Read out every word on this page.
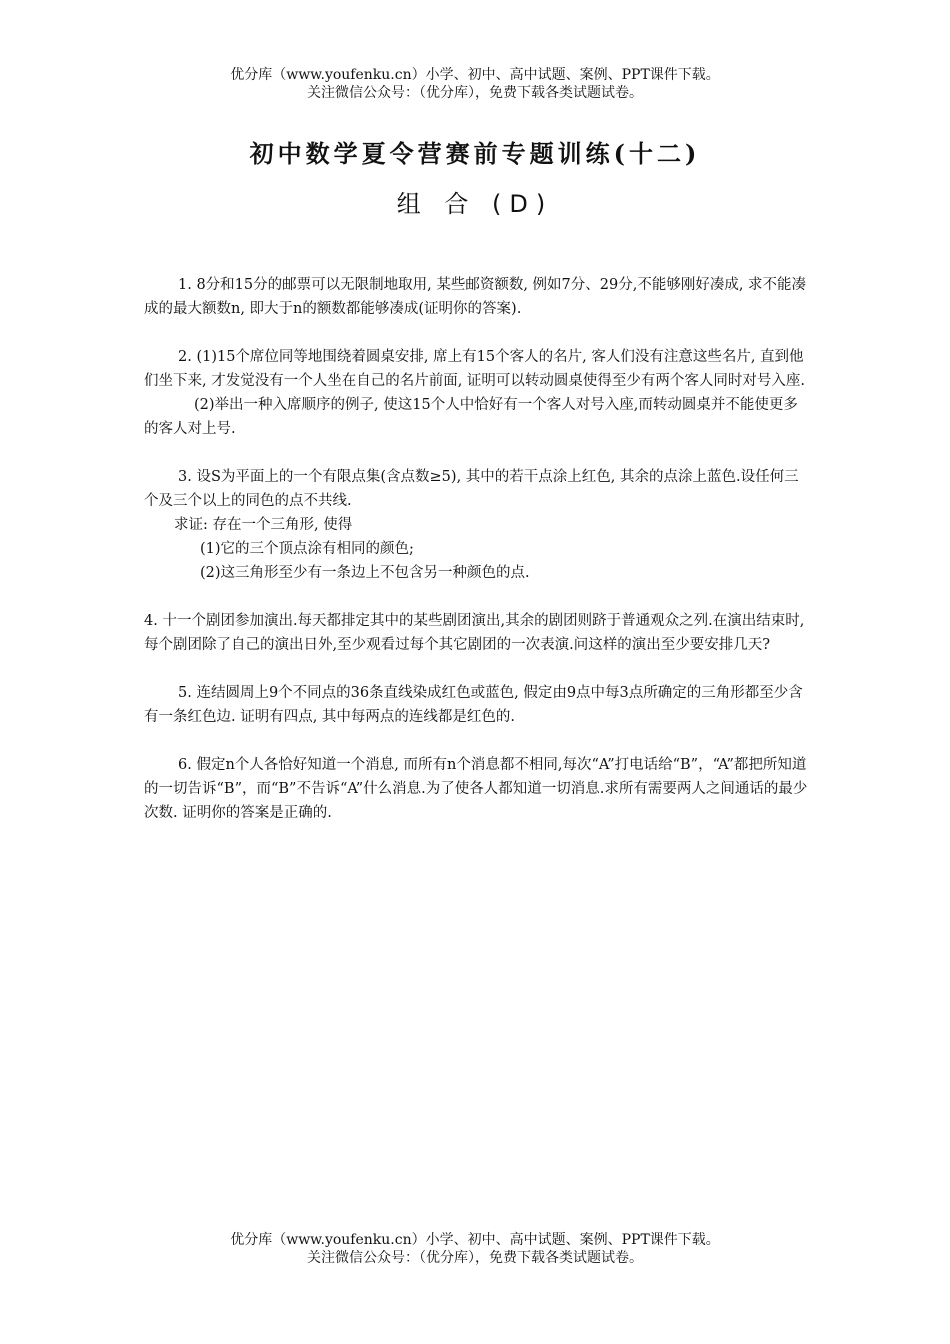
优分库（www.youfenku.cn）小学、初中、高中试题、案例、PPT课件下载。
关注微信公众号：（优分库），免费下载各类试题试卷。
初中数学夏令营赛前专题训练(十二)
组 合 (D)

1. 8分和15分的邮票可以无限制地取用, 某些邮资额数, 例如7分、29分,不能够刚好凑成, 求不能凑成的最大额数n, 即大于n的额数都能够凑成(证明你的答案).

2. (1)15个席位同等地围绕着圆桌安排, 席上有15个客人的名片, 客人们没有注意这些名片, 直到他们坐下来, 才发觉没有一个人坐在自己的名片前面, 证明可以转动圆桌使得至少有两个客人同时对号入座.

(2)举出一种入席顺序的例子, 使这15个人中恰好有一个客人对号入座,而转动圆桌并不能使更多的客人对上号.

3. 设S为平面上的一个有限点集(含点数≥5), 其中的若干点涂上红色, 其余的点涂上蓝色.设任何三个及三个以上的同色的点不共线.

求证: 存在一个三角形, 使得

(1)它的三个顶点涂有相同的颜色;

(2)这三角形至少有一条边上不包含另一种颜色的点.

4. 十一个剧团参加演出.每天都排定其中的某些剧团演出,其余的剧团则跻于普通观众之列.在演出结束时,每个剧团除了自己的演出日外,至少观看过每个其它剧团的一次表演.问这样的演出至少要安排几天?

5. 连结圆周上9个不同点的36条直线染成红色或蓝色, 假定由9点中每3点所确定的三角形都至少含有一条红色边. 证明有四点, 其中每两点的连线都是红色的.

6. 假定n个人各恰好知道一个消息, 而所有n个消息都不相同,每次“A”打电话给“B”，“A”都把所知道的一切告诉“B”，而“B”不告诉“A”什么消息.为了使各人都知道一切消息.求所有需要两人之间通话的最少次数. 证明你的答案是正确的.

优分库（www.youfenku.cn）小学、初中、高中试题、案例、PPT课件下载。
关注微信公众号：（优分库），免费下载各类试题试卷。
